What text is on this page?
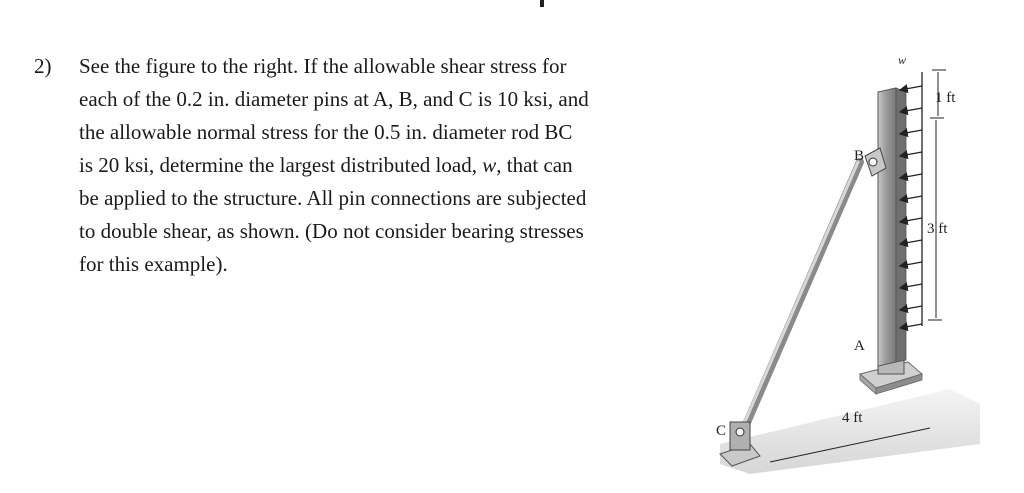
2)	See the figure to the right. If the allowable shear stress for
each of the 0.2 in. diameter pins at A, B, and C is 10 ksi, and
the allowable normal stress for the 0.5 in. diameter rod BC
is 20 ksi, determine the largest distributed load, w, that can
be applied to the structure. All pin connections are subjected
to double shear, as shown. (Do not consider bearing stresses
for this example).
w
1 ft
3 ft
4 ft
A
B
C
